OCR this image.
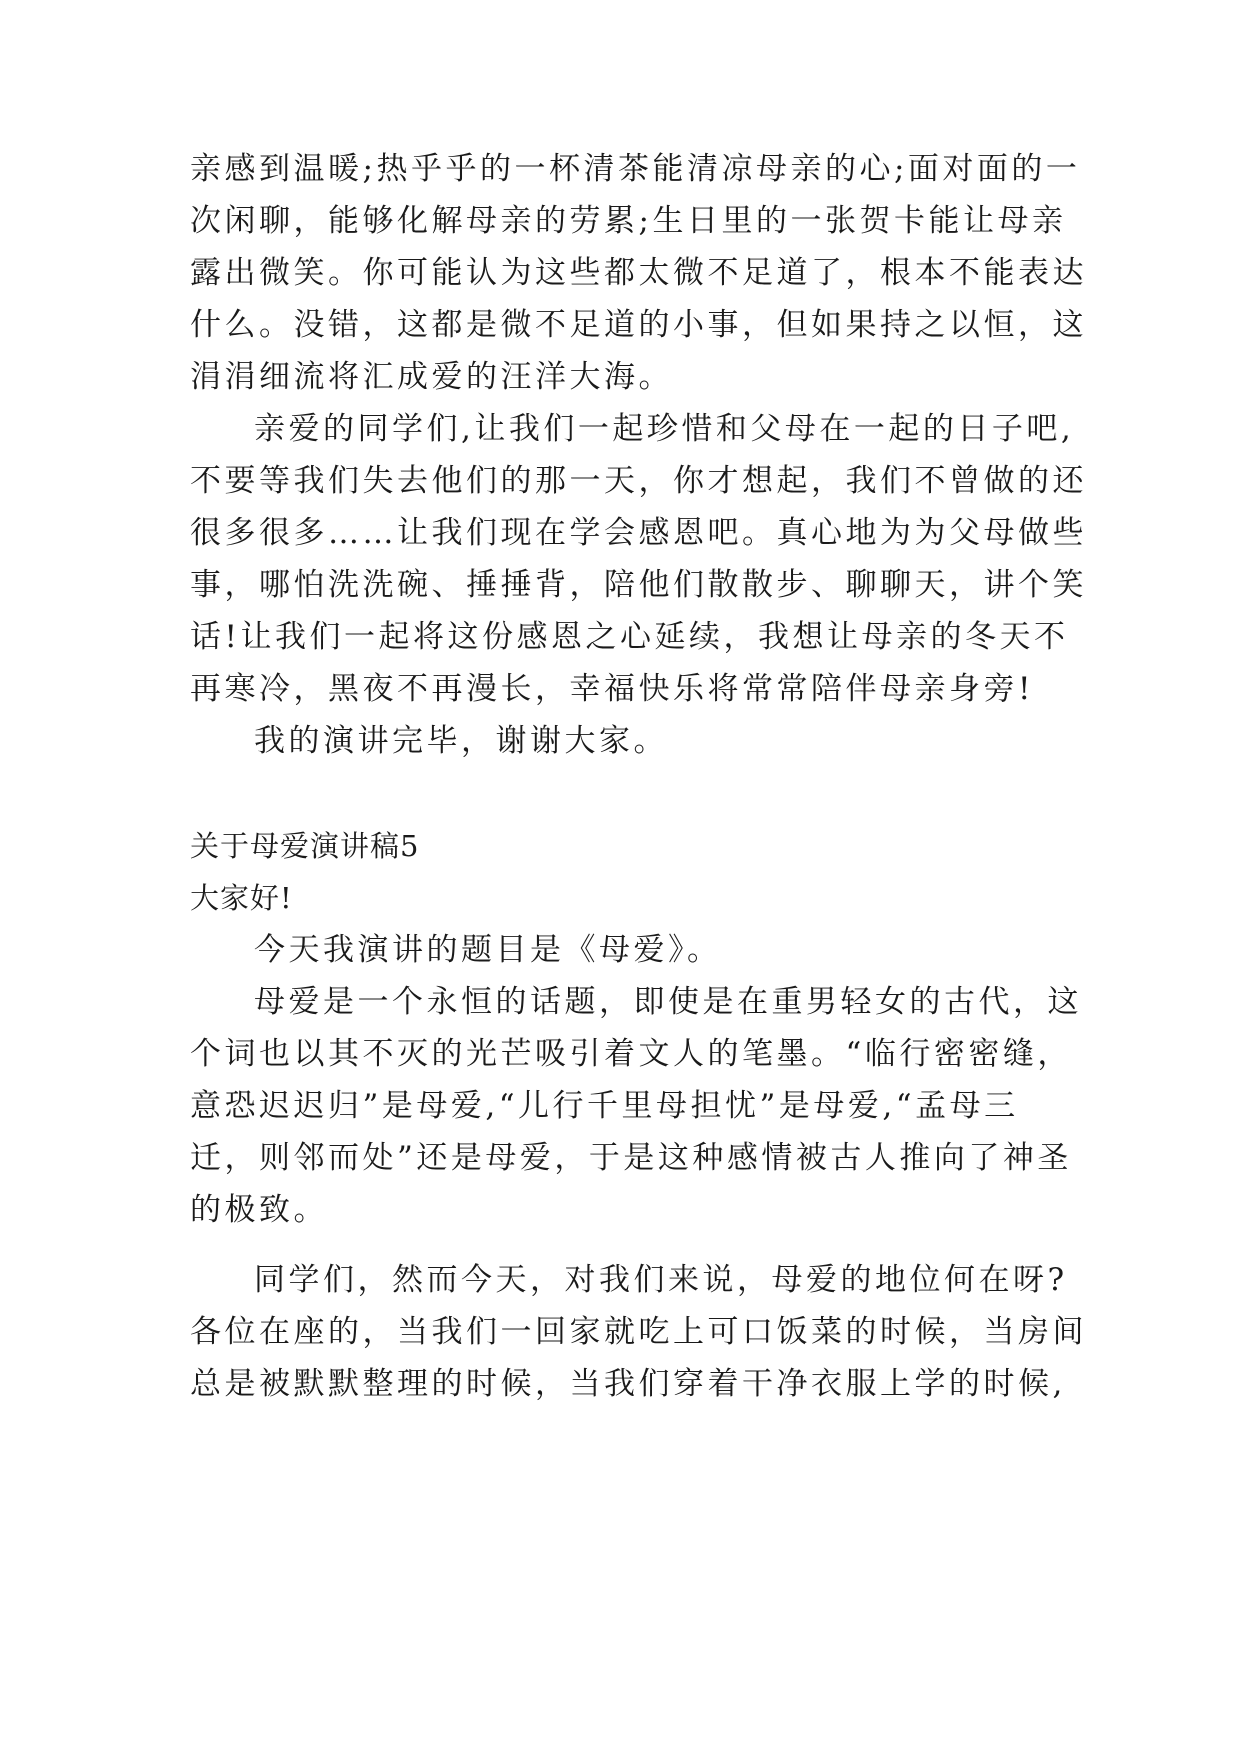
亲感到温暖;热乎乎的一杯清茶能清凉母亲的心;面对面的一
次闲聊，能够化解母亲的劳累;生日里的一张贺卡能让母亲
露出微笑。你可能认为这些都太微不足道了，根本不能表达
什么。没错，这都是微不足道的小事，但如果持之以恒，这
涓涓细流将汇成爱的汪洋大海。
亲爱的同学们,让我们一起珍惜和父母在一起的日子吧,
不要等我们失去他们的那一天，你才想起，我们不曾做的还
很多很多……让我们现在学会感恩吧。真心地为为父母做些
事，哪怕洗洗碗、捶捶背，陪他们散散步、聊聊天，讲个笑
话!让我们一起将这份感恩之心延续，我想让母亲的冬天不
再寒冷，黑夜不再漫长，幸福快乐将常常陪伴母亲身旁!
我的演讲完毕，谢谢大家。
关于母爱演讲稿5
大家好!
今天我演讲的题目是《母爱》。
母爱是一个永恒的话题，即使是在重男轻女的古代，这
个词也以其不灭的光芒吸引着文人的笔墨。“临行密密缝，
意恐迟迟归”是母爱,“儿行千里母担忧”是母爱,“孟母三
迁，则邻而处”还是母爱，于是这种感情被古人推向了神圣
的极致。
同学们，然而今天，对我们来说，母爱的地位何在呀?
各位在座的，当我们一回家就吃上可口饭菜的时候，当房间
总是被默默整理的时候，当我们穿着干净衣服上学的时候,
